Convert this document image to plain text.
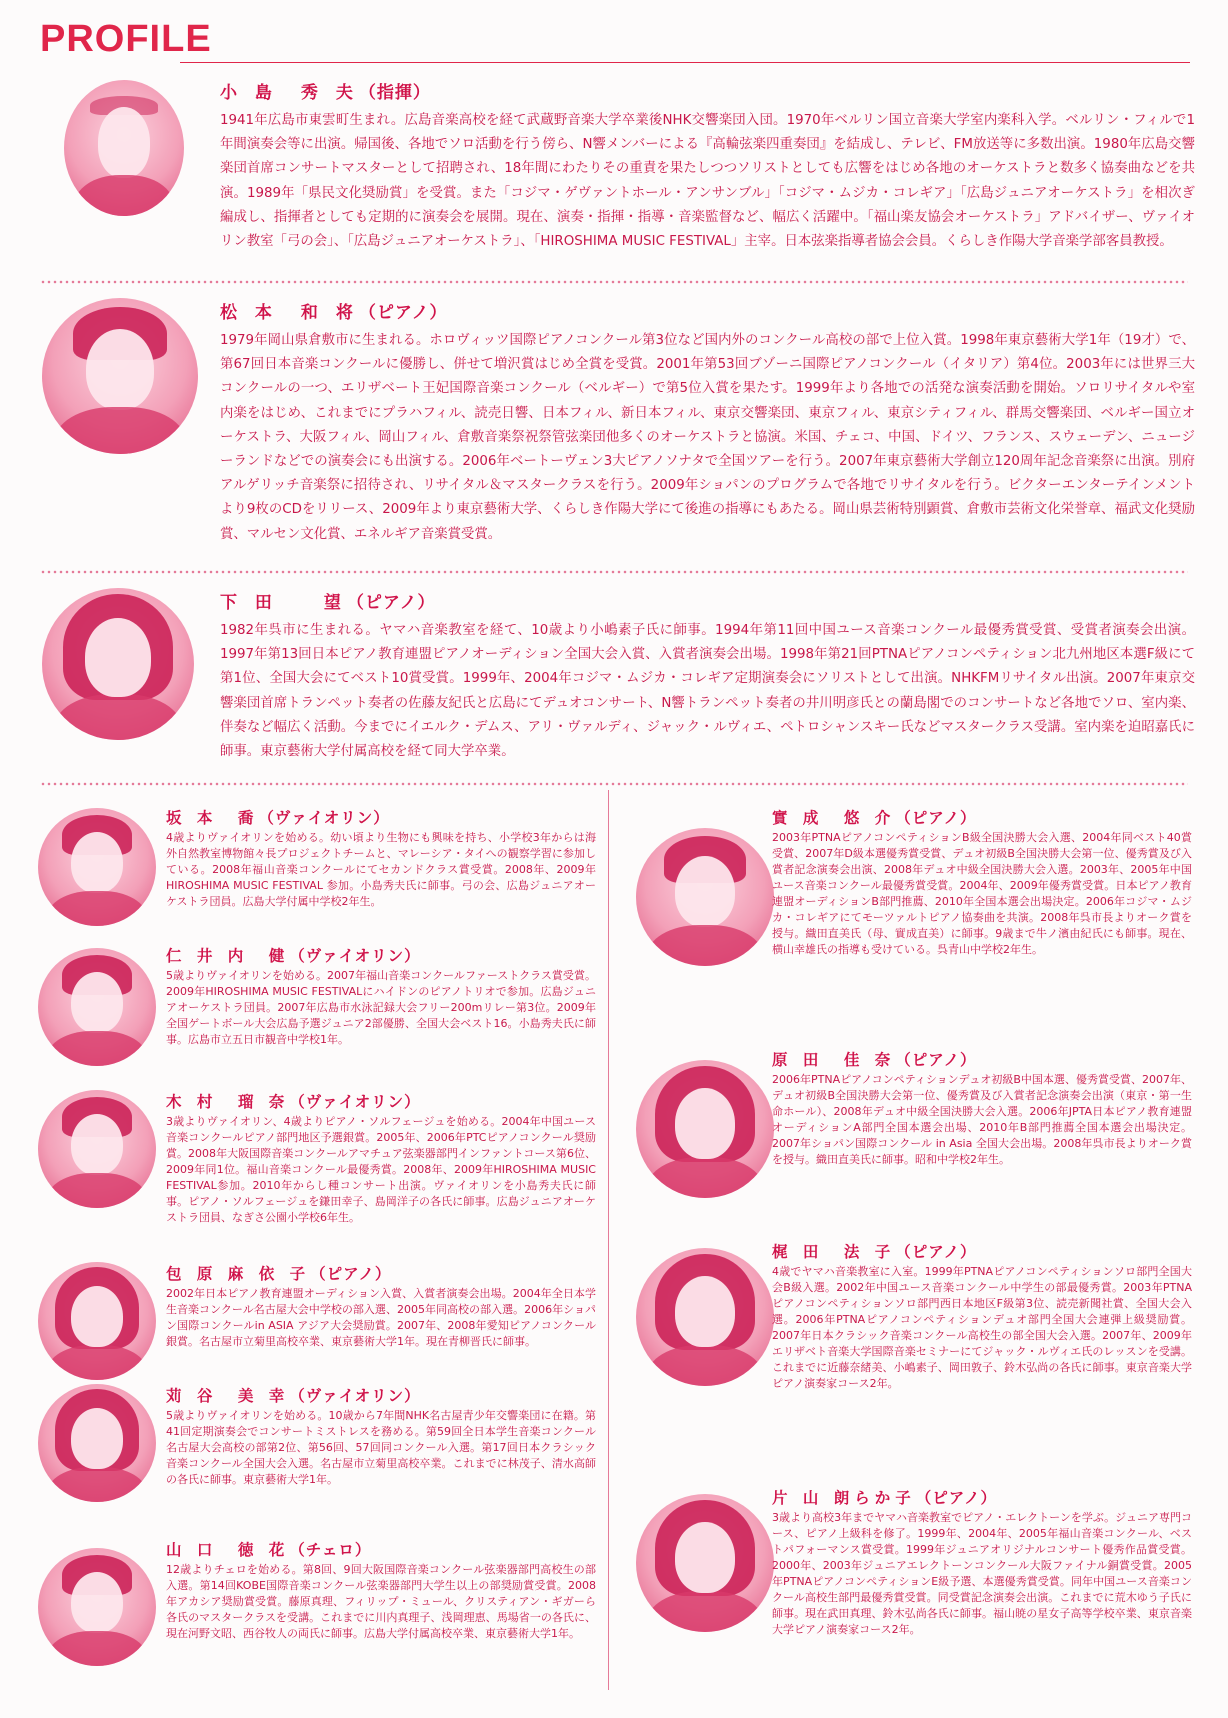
PROFILE
小 島　秀 夫（指揮）

1941年広島市東雲町生まれ。広島音楽高校を経て武蔵野音楽大学卒業後NHK交響楽団入団。1970年ベルリン国立音楽大学室内楽科入学。ベルリン・フィルで1年間演奏会等に出演。帰国後、各地でソロ活動を行う傍ら、N響メンバーによる『高輪弦楽四重奏団』を結成し、テレビ、FM放送等に多数出演。1980年広島交響楽団首席コンサートマスターとして招聘され、18年間にわたりその重責を果たしつつソリストとしても広響をはじめ各地のオーケストラと数多く協奏曲などを共演。1989年「県民文化奨励賞」を受賞。また「コジマ・ゲヴァントホール・アンサンブル」「コジマ・ムジカ・コレギア」「広島ジュニアオーケストラ」を相次ぎ編成し、指揮者としても定期的に演奏会を展開。現在、演奏・指揮・指導・音楽監督など、幅広く活躍中。「福山楽友協会オーケストラ」アドバイザー、ヴァイオリン教室「弓の会」、「広島ジュニアオーケストラ」、「HIROSHIMA MUSIC FESTIVAL」主宰。日本弦楽指導者協会会員。くらしき作陽大学音楽学部客員教授。

松 本　和 将（ピアノ）

1979年岡山県倉敷市に生まれる。ホロヴィッツ国際ピアノコンクール第3位など国内外のコンクール高校の部で上位入賞。1998年東京藝術大学1年（19才）で、第67回日本音楽コンクールに優勝し、併せて増沢賞はじめ全賞を受賞。2001年第53回ブゾーニ国際ピアノコンクール（イタリア）第4位。2003年には世界三大コンクールの一つ、エリザベート王妃国際音楽コンクール（ベルギー）で第5位入賞を果たす。1999年より各地での活発な演奏活動を開始。ソロリサイタルや室内楽をはじめ、これまでにプラハフィル、読売日響、日本フィル、新日本フィル、東京交響楽団、東京フィル、東京シティフィル、群馬交響楽団、ベルギー国立オーケストラ、大阪フィル、岡山フィル、倉敷音楽祭祝祭管弦楽団他多くのオーケストラと協演。米国、チェコ、中国、ドイツ、フランス、スウェーデン、ニュージーランドなどでの演奏会にも出演する。2006年ベートーヴェン3大ピアノソナタで全国ツアーを行う。2007年東京藝術大学創立120周年記念音楽祭に出演。別府アルゲリッチ音楽祭に招待され、リサイタル＆マスタークラスを行う。2009年ショパンのプログラムで各地でリサイタルを行う。ビクターエンターテインメントより9枚のCDをリリース、2009年より東京藝術大学、くらしき作陽大学にて後進の指導にもあたる。岡山県芸術特別顕賞、倉敷市芸術文化栄誉章、福武文化奨励賞、マルセン文化賞、エネルギア音楽賞受賞。

下 田　　望（ピアノ）

1982年呉市に生まれる。ヤマハ音楽教室を経て、10歳より小嶋素子氏に師事。1994年第11回中国ユース音楽コンクール最優秀賞受賞、受賞者演奏会出演。1997年第13回日本ピアノ教育連盟ピアノオーディション全国大会入賞、入賞者演奏会出場。1998年第21回PTNAピアノコンペティション北九州地区本選F級にて第1位、全国大会にてベスト10賞受賞。1999年、2004年コジマ・ムジカ・コレギア定期演奏会にソリストとして出演。NHKFMリサイタル出演。2007年東京交響楽団首席トランペット奏者の佐藤友紀氏と広島にてデュオコンサート、N響トランペット奏者の井川明彦氏との蘭島閣でのコンサートなど各地でソロ、室内楽、伴奏など幅広く活動。今までにイエルク・デムス、アリ・ヴァルディ、ジャック・ルヴィエ、ペトロシャンスキー氏などマスタークラス受講。室内楽を迫昭嘉氏に師事。東京藝術大学付属高校を経て同大学卒業。

坂 本　喬（ヴァイオリン）

4歳よりヴァイオリンを始める。幼い頃より生物にも興味を持ち、小学校3年からは海外自然教室博物館々長プロジェクトチームと、マレーシア・タイへの観察学習に参加している。2008年福山音楽コンクールにてセカンドクラス賞受賞。2008年、2009年 HIROSHIMA MUSIC FESTIVAL 参加。小島秀夫氏に師事。弓の会、広島ジュニアオーケストラ団員。広島大学付属中学校2年生。

仁 井 内　健（ヴァイオリン）

5歳よりヴァイオリンを始める。2007年福山音楽コンクールファーストクラス賞受賞。2009年HIROSHIMA MUSIC FESTIVALにハイドンのピアノトリオで参加。広島ジュニアオーケストラ団員。2007年広島市水泳記録大会フリー200mリレー第3位。2009年全国ゲートボール大会広島予選ジュニア2部優勝、全国大会ベスト16。小島秀夫氏に師事。広島市立五日市観音中学校1年。

木 村　瑠 奈（ヴァイオリン）

3歳よりヴァイオリン、4歳よりピアノ・ソルフェージュを始める。2004年中国ユース音楽コンクールピアノ部門地区予選銀賞。2005年、2006年PTCピアノコンクール奨励賞。2008年大阪国際音楽コンクールアマチュア弦楽器部門インファントコース第6位、2009年同1位。福山音楽コンクール最優秀賞。2008年、2009年HIROSHIMA MUSIC FESTIVAL参加。2010年からし種コンサート出演。ヴァイオリンを小島秀夫氏に師事。ピアノ・ソルフェージュを鎌田幸子、島岡洋子の各氏に師事。広島ジュニアオーケストラ団員、なぎさ公園小学校6年生。

包 原 麻 依 子（ピアノ）

2002年日本ピアノ教育連盟オーディション入賞、入賞者演奏会出場。2004年全日本学生音楽コンクール名古屋大会中学校の部入選、2005年同高校の部入選。2006年ショパン国際コンクールin ASIA アジア大会奨励賞。2007年、2008年愛知ピアノコンクール銀賞。名古屋市立菊里高校卒業、東京藝術大学1年。現在青柳晋氏に師事。

苅 谷　美 幸（ヴァイオリン）

5歳よりヴァイオリンを始める。10歳から7年間NHK名古屋青少年交響楽団に在籍。第41回定期演奏会でコンサートミストレスを務める。第59回全日本学生音楽コンクール名古屋大会高校の部第2位、第56回、57回同コンクール入選。第17回日本クラシック音楽コンクール全国大会入選。名古屋市立菊里高校卒業。これまでに林茂子、清水高師の各氏に師事。東京藝術大学1年。

山 口　徳 花（チェロ）

12歳よりチェロを始める。第8回、9回大阪国際音楽コンクール弦楽器部門高校生の部入選。第14回KOBE国際音楽コンクール弦楽器部門大学生以上の部奨励賞受賞。2008年アカシア奨励賞受賞。藤原真理、フィリップ・ミュール、クリスティアン・ギガーら各氏のマスタークラスを受講。これまでに川内真理子、浅岡理恵、馬場省一の各氏に、現在河野文昭、西谷牧人の両氏に師事。広島大学付属高校卒業、東京藝術大学1年。

實 成　悠 介（ピアノ）

2003年PTNAピアノコンペティションB級全国決勝大会入選、2004年同ベスト40賞受賞、2007年D級本選優秀賞受賞、デュオ初級B全国決勝大会第一位、優秀賞及び入賞者記念演奏会出演、2008年デュオ中級全国決勝大会入選。2003年、2005年中国ユース音楽コンクール最優秀賞受賞。2004年、2009年優秀賞受賞。日本ピアノ教育連盟オーディションB部門推薦、2010年全国本選会出場決定。2006年コジマ・ムジカ・コレギアにてモーツァルトピアノ協奏曲を共演。2008年呉市長よりオーク賞を授与。織田直美氏（母、實成直美）に師事。9歳まで牛ノ濱由紀氏にも師事。現在、横山幸雄氏の指導も受けている。呉青山中学校2年生。

原 田　佳 奈（ピアノ）

2006年PTNAピアノコンペティションデュオ初級B中国本選、優秀賞受賞、2007年、デュオ初級B全国決勝大会第一位、優秀賞及び入賞者記念演奏会出演（東京・第一生命ホール）、2008年デュオ中級全国決勝大会入選。2006年JPTA日本ピアノ教育連盟オーディションA部門全国本選会出場、2010年B部門推薦全国本選会出場決定。2007年ショパン国際コンクール in Asia 全国大会出場。2008年呉市長よりオーク賞を授与。織田直美氏に師事。昭和中学校2年生。

梶 田　法 子（ピアノ）

4歳でヤマハ音楽教室に入室。1999年PTNAピアノコンペティションソロ部門全国大会B級入選。2002年中国ユース音楽コンクール中学生の部最優秀賞。2003年PTNAピアノコンペティションソロ部門西日本地区F級第3位、読売新聞社賞、全国大会入選。2006年PTNAピアノコンペティションデュオ部門全国大会連弾上級奨励賞。2007年日本クラシック音楽コンクール高校生の部全国大会入選。2007年、2009年エリザベト音楽大学国際音楽セミナーにてジャック・ルヴィエ氏のレッスンを受講。これまでに近藤奈緒美、小嶋素子、岡田敦子、鈴木弘尚の各氏に師事。東京音楽大学ピアノ演奏家コース2年。

片 山 朗らか子（ピアノ）

3歳より高校3年までヤマハ音楽教室でピアノ・エレクトーンを学ぶ。ジュニア専門コース、ピアノ上級科を修了。1999年、2004年、2005年福山音楽コンクール、ベストパフォーマンス賞受賞。1999年ジュニアオリジナルコンサート優秀作品賞受賞。2000年、2003年ジュニアエレクトーンコンクール大阪ファイナル銅賞受賞。2005年PTNAピアノコンペティションE級予選、本選優秀賞受賞。同年中国ユース音楽コンクール高校生部門最優秀賞受賞。同受賞記念演奏会出演。これまでに荒木ゆう子氏に師事。現在武田真理、鈴木弘尚各氏に師事。福山暁の星女子高等学校卒業、東京音楽大学ピアノ演奏家コース2年。
